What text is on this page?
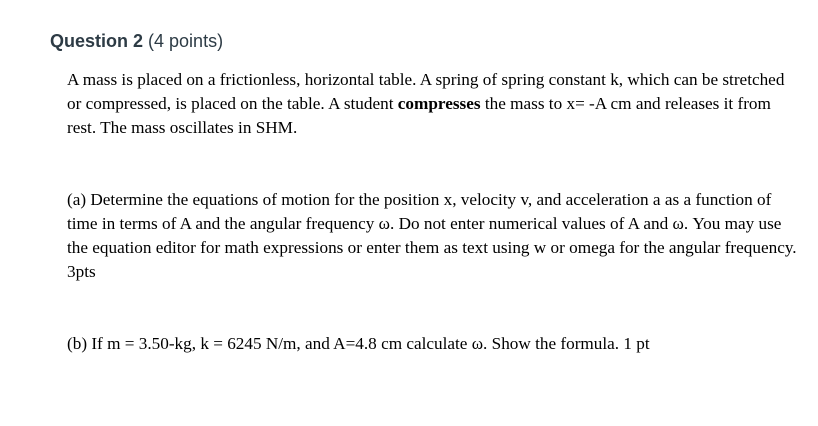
Question 2 (4 points)

A mass is placed on a frictionless, horizontal table. A spring of spring constant k, which can be stretched or compressed, is placed on the table. A student compresses the mass to x= -A cm and releases it from rest. The mass oscillates in SHM.

(a) Determine the equations of motion for the position x, velocity v, and acceleration a as a function of time in terms of A and the angular frequency ω. Do not enter numerical values of A and ω. You may use the equation editor for math expressions or enter them as text using w or omega for the angular frequency. 3pts

(b) If m = 3.50-kg, k = 6245 N/m, and A=4.8 cm calculate ω. Show the formula. 1 pt
